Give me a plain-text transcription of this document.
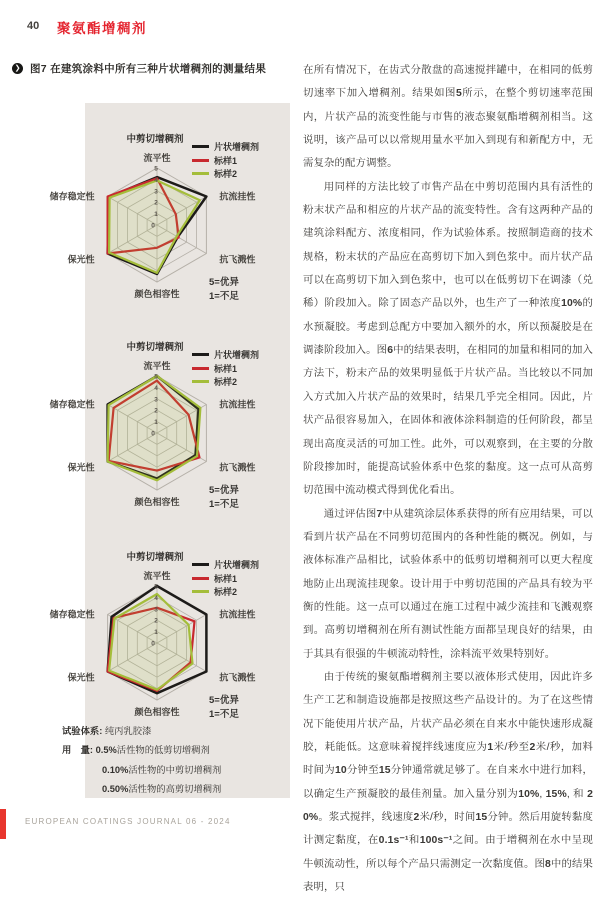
40 聚氨酯增稠剂
❯ 图7 在建筑涂料中所有三种片状增稠剂的测量结果
中剪切增稠剂
片状增稠剂
标样1
标样2
5
4
3
2
1
0
流平性
抗流挂性
抗飞溅性
颜色相容性
保光性
储存稳定性
5=优异
1=不足
中剪切增稠剂
片状增稠剂
标样1
标样2
5
4
3
2
1
0
流平性
抗流挂性
抗飞溅性
颜色相容性
保光性
储存稳定性
5=优异
1=不足
中剪切增稠剂
片状增稠剂
标样1
标样2
5
4
3
2
1
0
流平性
抗流挂性
抗飞溅性
颜色相容性
保光性
储存稳定性
5=优异
1=不足
试验体系: 纯丙乳胶漆
用　量: 0.5%活性物的低剪切增稠剂
0.10%活性物的中剪切增稠剂
0.50%活性物的高剪切增稠剂

在所有情况下，在齿式分散盘的高速搅拌罐中，在相同的低剪切速率下加入增稠剂。结果如图5所示，在整个剪切速率范围内，片状产品的流变性能与市售的液态聚氨酯增稠剂相当。这说明，该产品可以以常规用量水平加入到现有和新配方中，无需复杂的配方调整。

用同样的方法比较了市售产品在中剪切范围内具有活性的粉末状产品和相应的片状产品的流变特性。含有这两种产品的建筑涂料配方、浓度相同，作为试验体系。按照制造商的技术规格，粉末状的产品应在高剪切下加入到色浆中。而片状产品可以在高剪切下加入到色浆中，也可以在低剪切下在调漆（兑稀）阶段加入。除了固态产品以外，也生产了一种浓度10%的水预凝胶。考虑到总配方中要加入额外的水，所以预凝胶是在调漆阶段加入。图6中的结果表明，在相同的加量和相同的加入方法下，粉末产品的效果明显低于片状产品。当比较以不同加入方式加入片状产品的效果时，结果几乎完全相同。因此，片状产品很容易加入，在固体和液体涂料制造的任何阶段，都呈现出高度灵活的可加工性。此外，可以观察到，在主要的分散阶段掺加时，能提高试验体系中色浆的黏度。这一点可从高剪切范围中流动模式得到优化看出。

通过评估图7中从建筑涂层体系获得的所有应用结果，可以看到片状产品在不同剪切范围内的各种性能的概况。例如，与液体标准产品相比，试验体系中的低剪切增稠剂可以更大程度地防止出现流挂现象。设计用于中剪切范围的产品具有较为平衡的性能。这一点可以通过在施工过程中减少流挂和飞溅观察到。高剪切增稠剂在所有测试性能方面都呈现良好的结果，由于其具有很强的牛顿流动特性，涂料流平效果特别好。

由于传统的聚氨酯增稠剂主要以液体形式使用，因此许多生产工艺和制造设施都是按照这些产品设计的。为了在这些情况下能使用片状产品，片状产品必须在自来水中能快速形成凝胶，耗能低。这意味着搅拌线速度应为1米/秒至2米/秒，加料时间为10分钟至15分钟通常就足够了。在自来水中进行加料，以确定生产预凝胶的最佳剂量。加入量分别为10%, 15%, 和 20%。浆式搅拌，线速度2米/秒，时间15分钟。然后用旋转黏度计测定黏度，在0.1s⁻¹和100s⁻¹之间。由于增稠剂在水中呈现牛顿流动性，所以每个产品只需测定一次黏度值。图8中的结果表明，只

EUROPEAN COATINGS JOURNAL 06 - 2024
